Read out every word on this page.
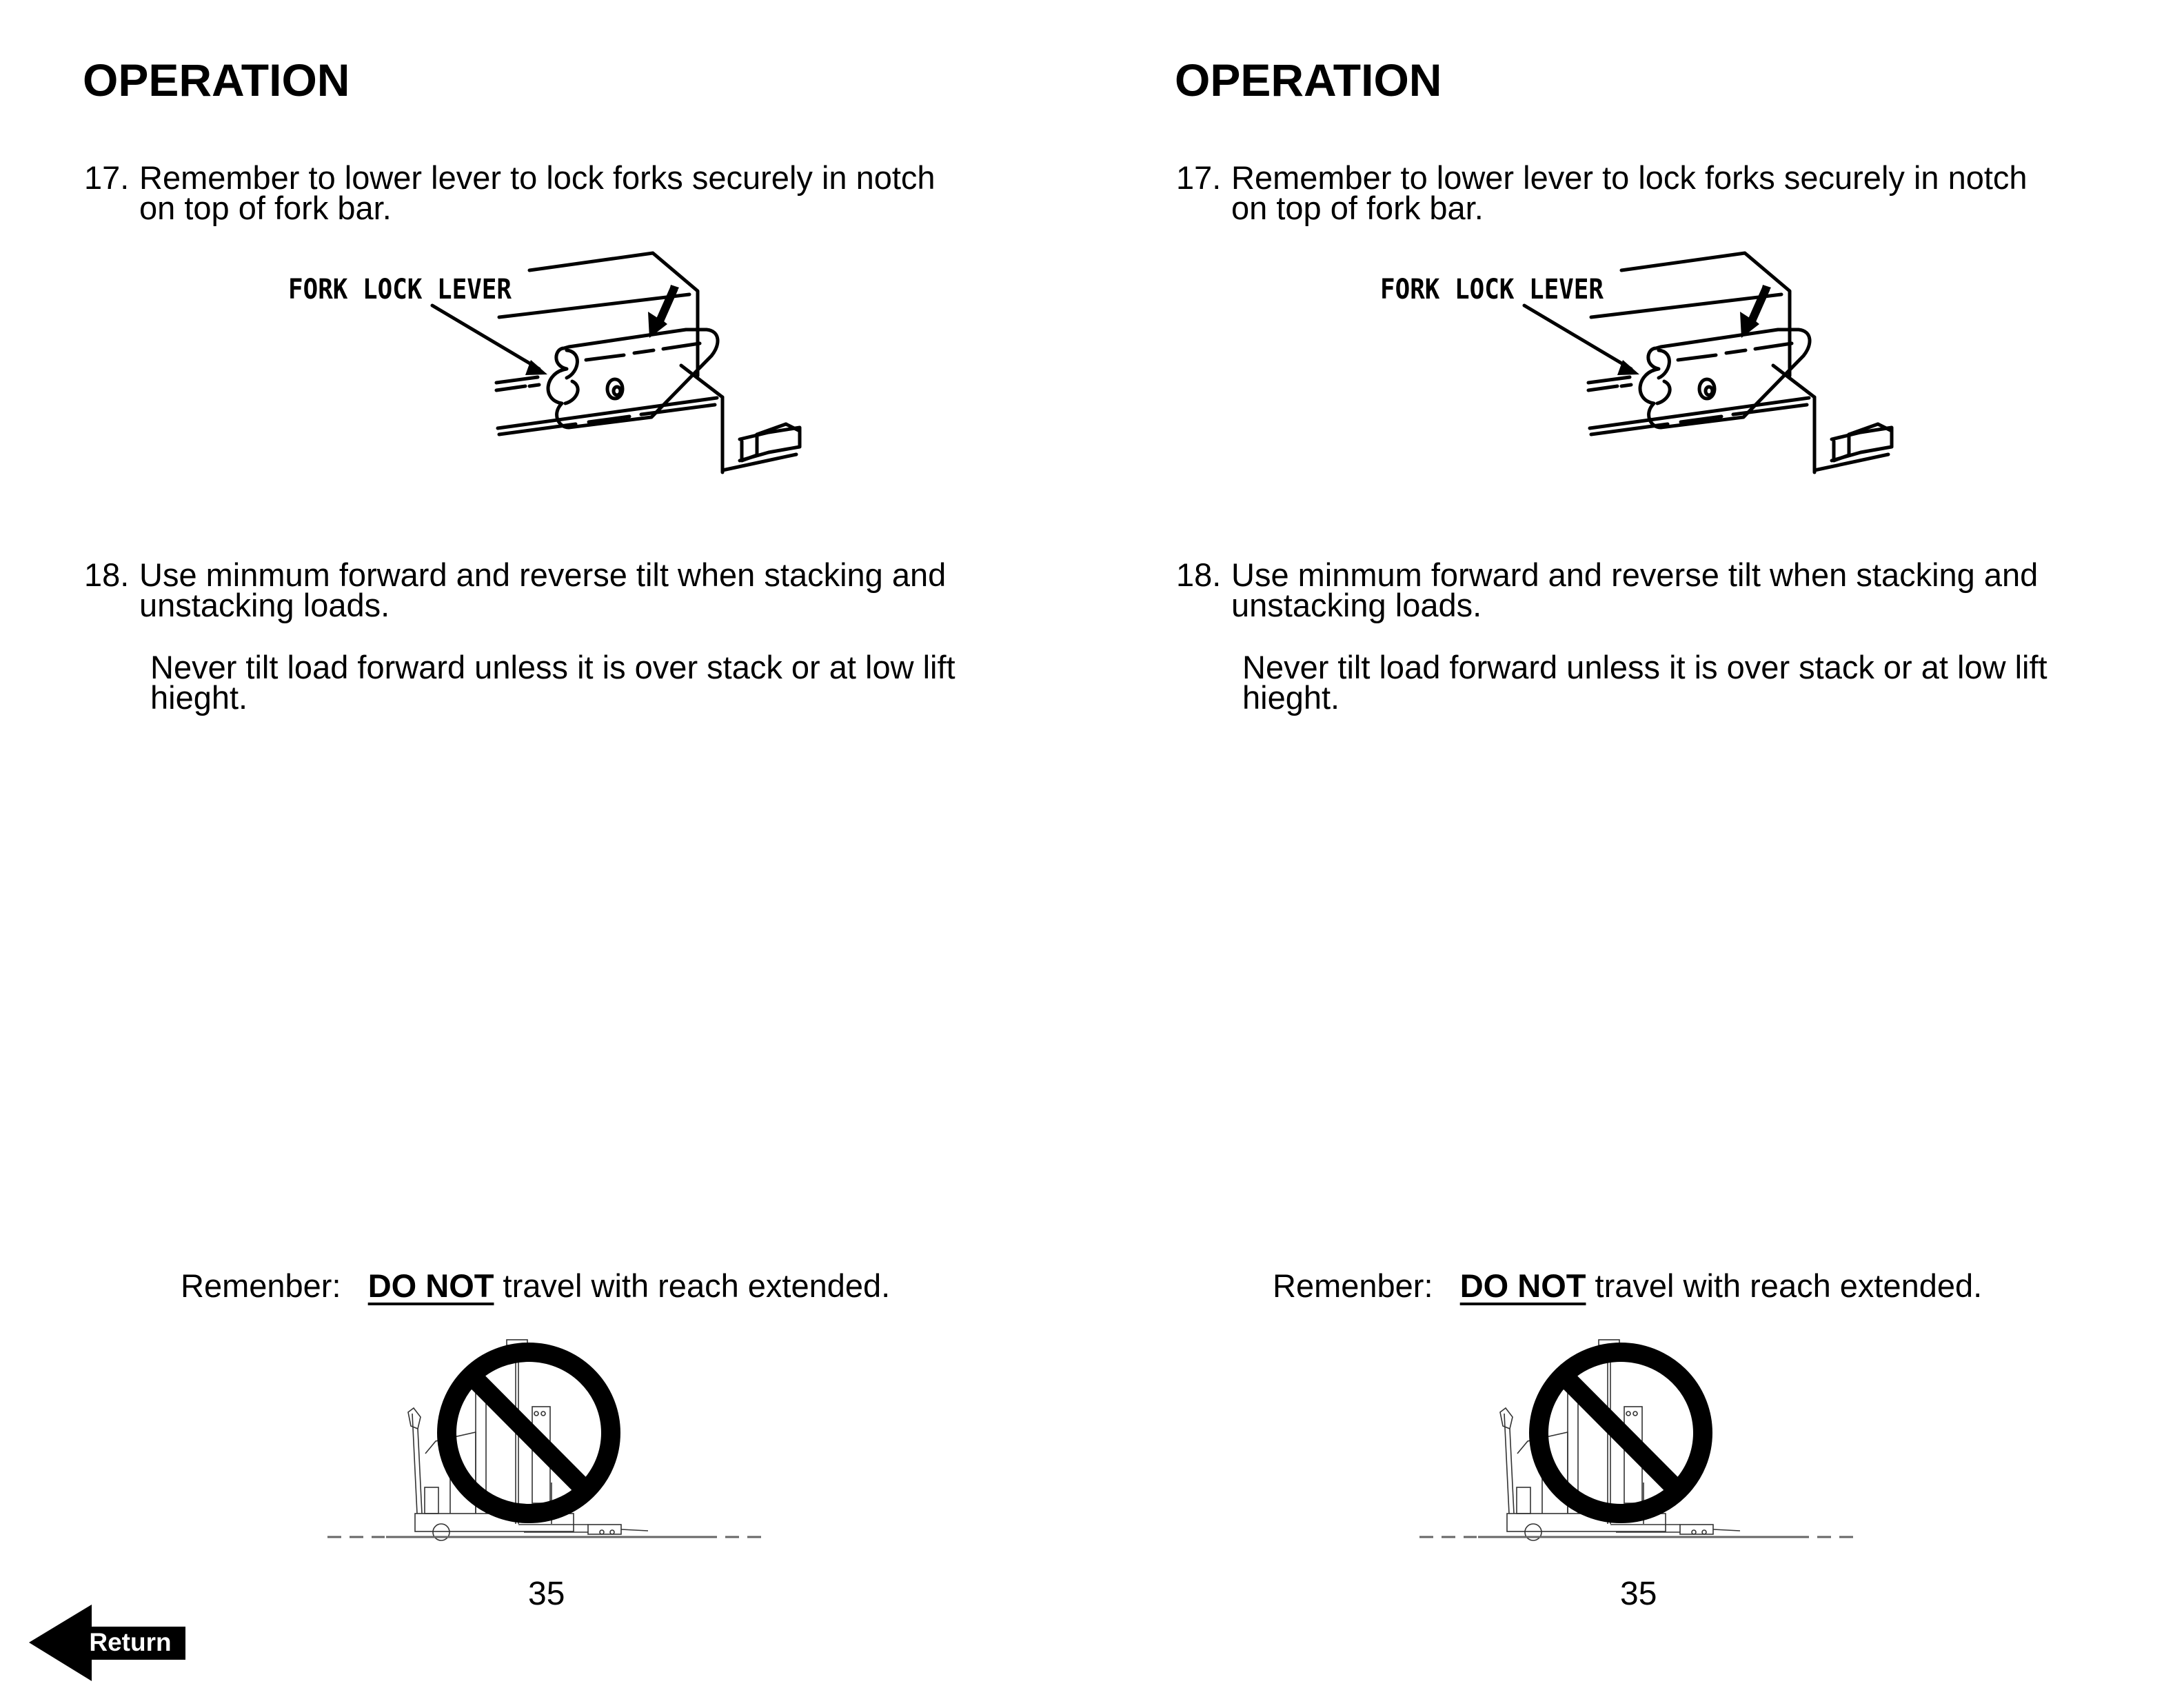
OPERATION
17. Remember to lower lever to lock forks securely in notch
on top of fork bar.
FORK LOCK LEVER
18. Use minmum forward and reverse tilt when stacking and
unstacking loads.
Never tilt load forward unless it is over stack or at low lift
hieght.
Remenber: DO NOT travel with reach extended.
35
OPERATION
17. Remember to lower lever to lock forks securely in notch
on top of fork bar.
FORK LOCK LEVER
18. Use minmum forward and reverse tilt when stacking and
unstacking loads.
Never tilt load forward unless it is over stack or at low lift
hieght.
Remenber: DO NOT travel with reach extended.
35
Return
